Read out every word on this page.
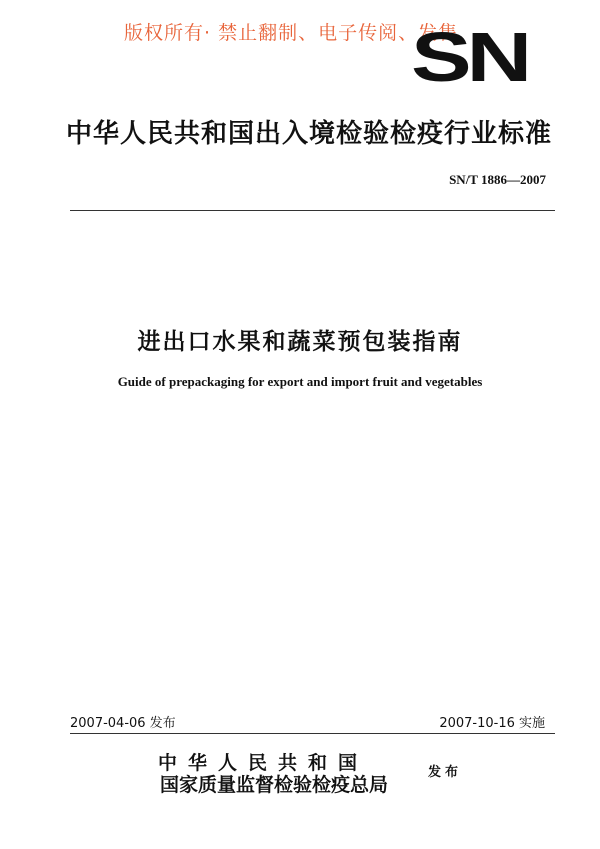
版权所有· 禁止翻制、电子传阅、发售
SN
中华人民共和国出入境检验检疫行业标准
SN/T 1886—2007
进出口水果和蔬菜预包装指南
Guide of prepackaging for export and import fruit and vegetables
2007-04-06 发布	2007-10-16 实施
中华人民共和国
国家质量监督检验检疫总局
发布
